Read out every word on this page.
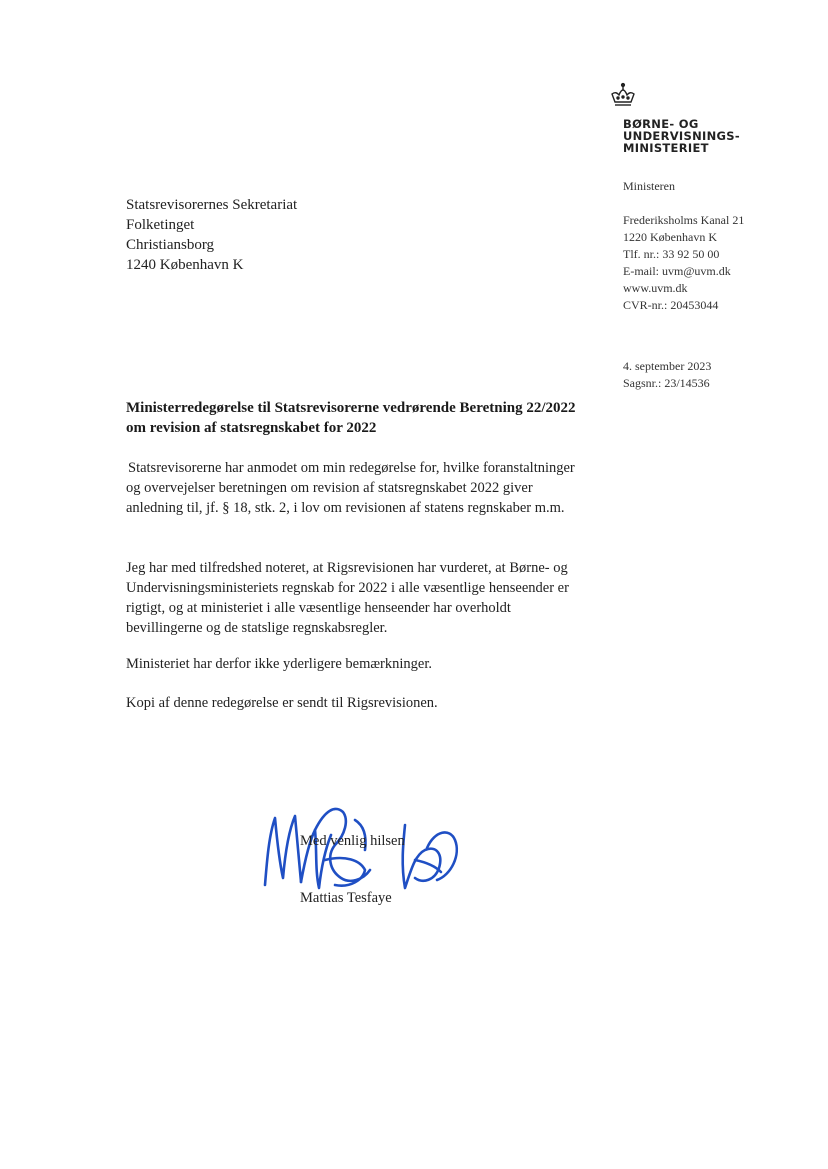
BØRNE- OG
UNDERVISNINGS-
MINISTERIET
Ministeren
Frederiksholms Kanal 21
1220 København K
Tlf. nr.: 33 92 50 00
E-mail: uvm@uvm.dk
www.uvm.dk
CVR-nr.: 20453044
4. september 2023
Sagsnr.: 23/14536
Statsrevisorernes Sekretariat
Folketinget
Christiansborg
1240 København K
Ministerredegørelse til Statsrevisorerne vedrørende Beretning 22/2022 om revision af statsregnskabet for 2022
Statsrevisorerne har anmodet om min redegørelse for, hvilke foranstaltninger og overvejelser beretningen om revision af statsregnskabet 2022 giver anledning til, jf. § 18, stk. 2, i lov om revisionen af statens regnskaber m.m.
Jeg har med tilfredshed noteret, at Rigsrevisionen har vurderet, at Børne- og Undervisningsministeriets regnskab for 2022 i alle væsentlige henseender er rigtigt, og at ministeriet i alle væsentlige henseender har overholdt bevillingerne og de statslige regnskabsregler.
Ministeriet har derfor ikke yderligere bemærkninger.
Kopi af denne redegørelse er sendt til Rigsrevisionen.
Med venlig hilsen
Mattias Tesfaye
